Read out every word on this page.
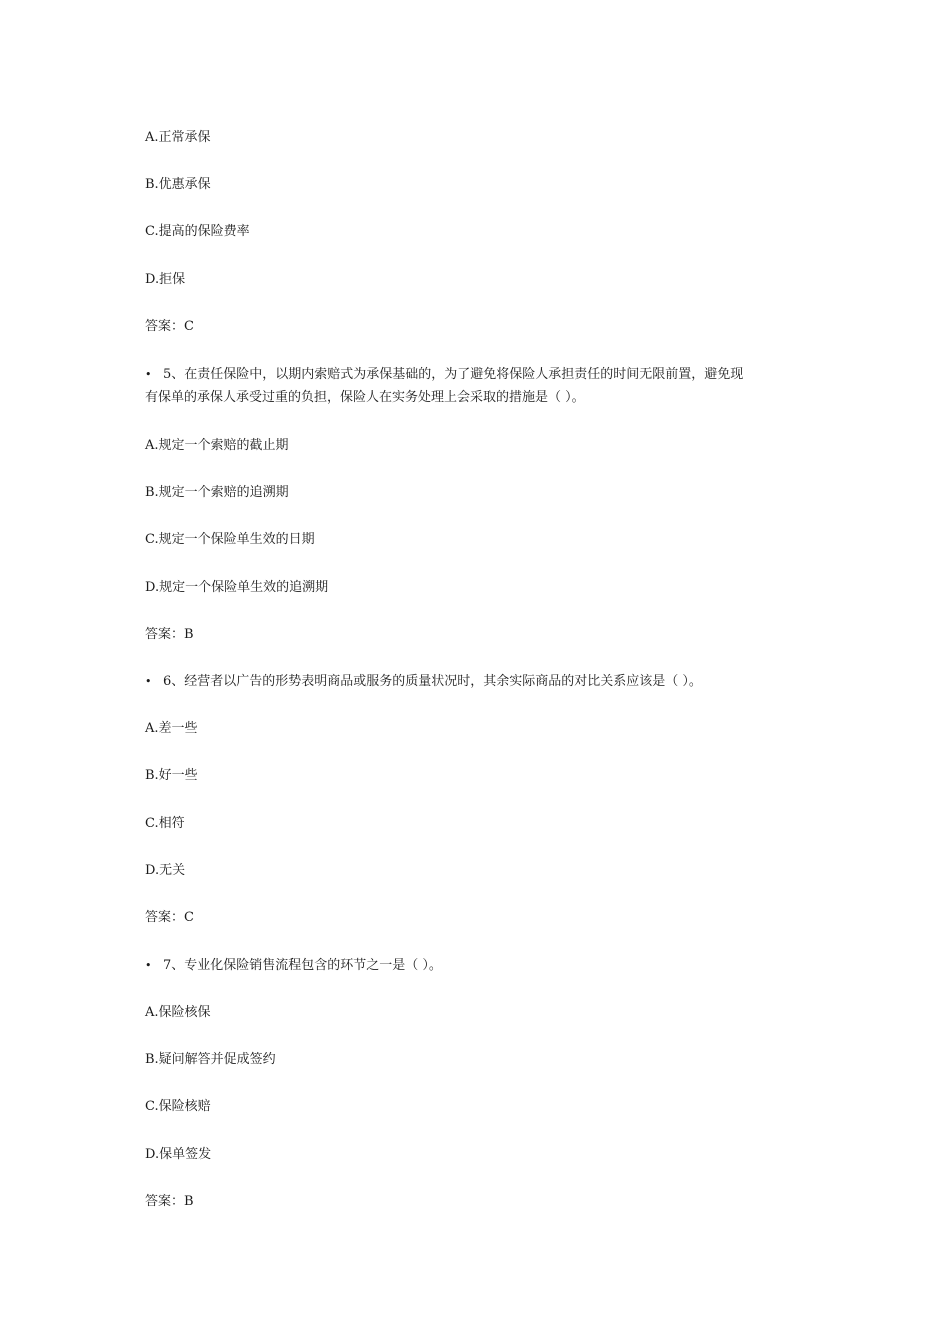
A.正常承保
B.优惠承保
C.提高的保险费率
D.拒保
答案：C
• 5、在责任保险中，以期内索赔式为承保基础的，为了避免将保险人承担责任的时间无限前置，避免现
有保单的承保人承受过重的负担，保险人在实务处理上会采取的措施是（ ）。
A.规定一个索赔的截止期
B.规定一个索赔的追溯期
C.规定一个保险单生效的日期
D.规定一个保险单生效的追溯期
答案：B
• 6、经营者以广告的形势表明商品或服务的质量状况时，其余实际商品的对比关系应该是（ ）。
A.差一些
B.好一些
C.相符
D.无关
答案：C
• 7、专业化保险销售流程包含的环节之一是（ ）。
A.保险核保
B.疑问解答并促成签约
C.保险核赔
D.保单签发
答案：B
